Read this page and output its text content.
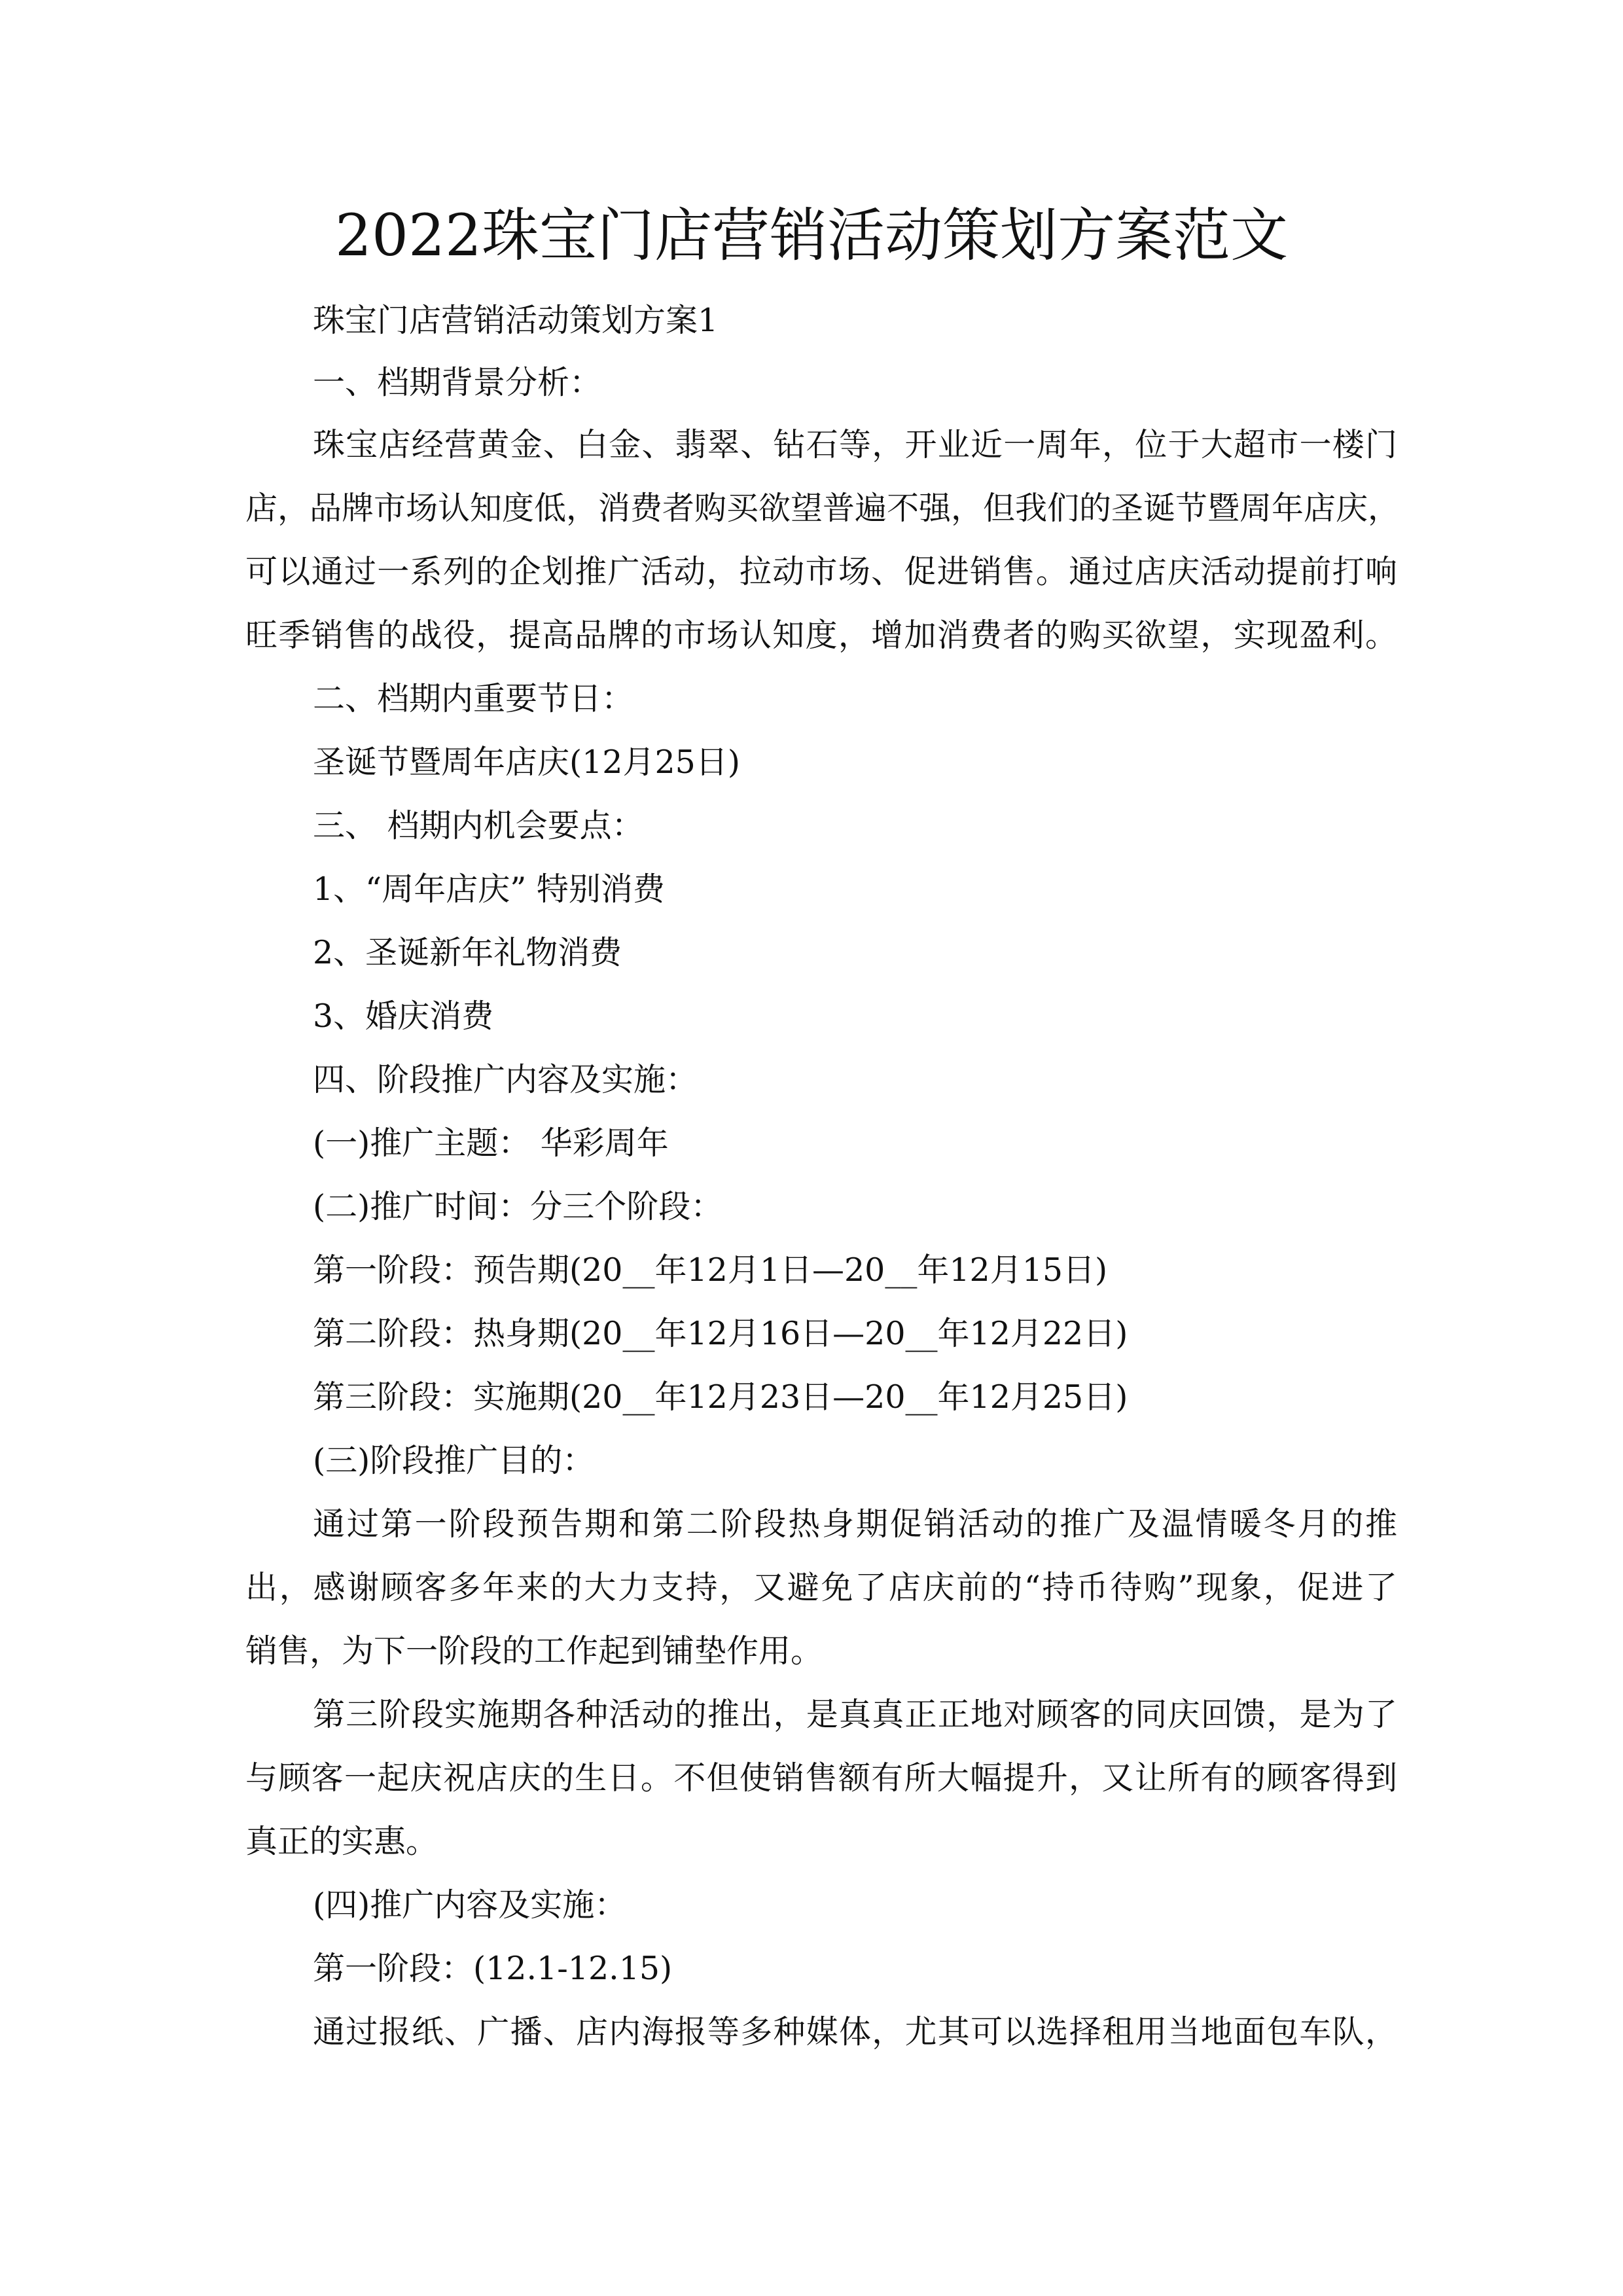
2022珠宝门店营销活动策划方案范文

珠宝门店营销活动策划方案1

一、档期背景分析：

珠宝店经营黄金、白金、翡翠、钻石等，开业近一周年，位于大超市一楼门

店，品牌市场认知度低，消费者购买欲望普遍不强，但我们的圣诞节暨周年店庆，

可以通过一系列的企划推广活动，拉动市场、促进销售。通过店庆活动提前打响

旺季销售的战役，提高品牌的市场认知度，增加消费者的购买欲望，实现盈利。

二、档期内重要节日：

圣诞节暨周年店庆(12月25日)

三、 档期内机会要点：

1、“周年店庆” 特别消费

2、圣诞新年礼物消费

3、婚庆消费

四、阶段推广内容及实施：

(一)推广主题： 华彩周年

(二)推广时间：分三个阶段：

第一阶段：预告期(20__年12月1日—20__年12月15日)

第二阶段：热身期(20__年12月16日—20__年12月22日)

第三阶段：实施期(20__年12月23日—20__年12月25日)

(三)阶段推广目的：

通过第一阶段预告期和第二阶段热身期促销活动的推广及温情暖冬月的推

出，感谢顾客多年来的大力支持，又避免了店庆前的“持币待购”现象，促进了

销售，为下一阶段的工作起到铺垫作用。

第三阶段实施期各种活动的推出，是真真正正地对顾客的同庆回馈，是为了

与顾客一起庆祝店庆的生日。不但使销售额有所大幅提升，又让所有的顾客得到

真正的实惠。

(四)推广内容及实施：

第一阶段：(12.1-12.15)

通过报纸、广播、店内海报等多种媒体，尤其可以选择租用当地面包车队，
